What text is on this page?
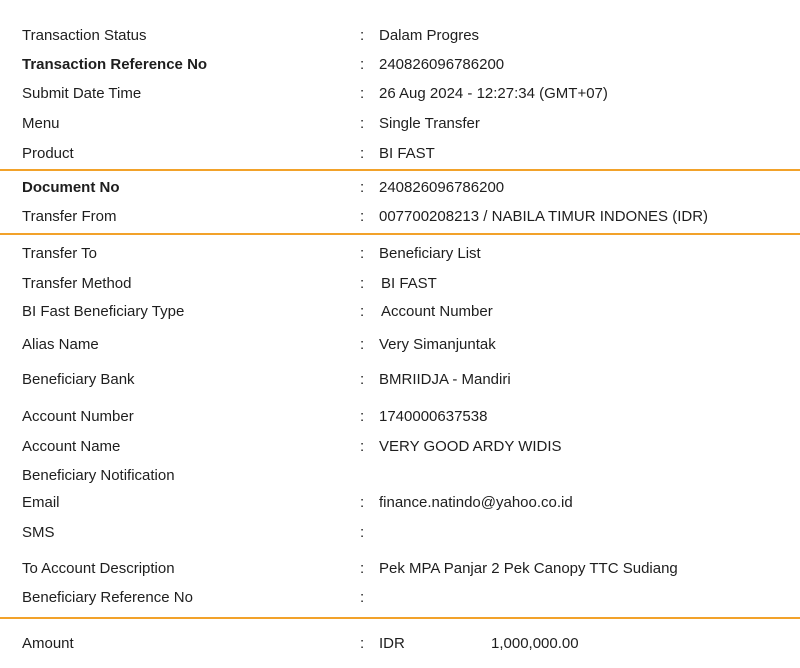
Transaction Status	: Dalam Progres
Transaction Reference No	: 240826096786200
Submit Date Time	: 26 Aug 2024 - 12:27:34 (GMT+07)
Menu	: Single Transfer
Product	: BI FAST
Document No	: 240826096786200
Transfer From	: 007700208213 / NABILA TIMUR INDONES (IDR)
Transfer To	: Beneficiary List
Transfer Method	: BI FAST
BI Fast Beneficiary Type	: Account Number
Alias Name	: Very Simanjuntak
Beneficiary Bank	: BMRIIDJA - Mandiri
Account Number	: 1740000637538
Account Name	: VERY GOOD ARDY WIDIS
Beneficiary Notification
Email	: finance.natindo@yahoo.co.id
SMS	:
To Account Description	: Pek MPA Panjar 2 Pek Canopy TTC Sudiang
Beneficiary Reference No	:
Amount	: IDR	1,000,000.00
